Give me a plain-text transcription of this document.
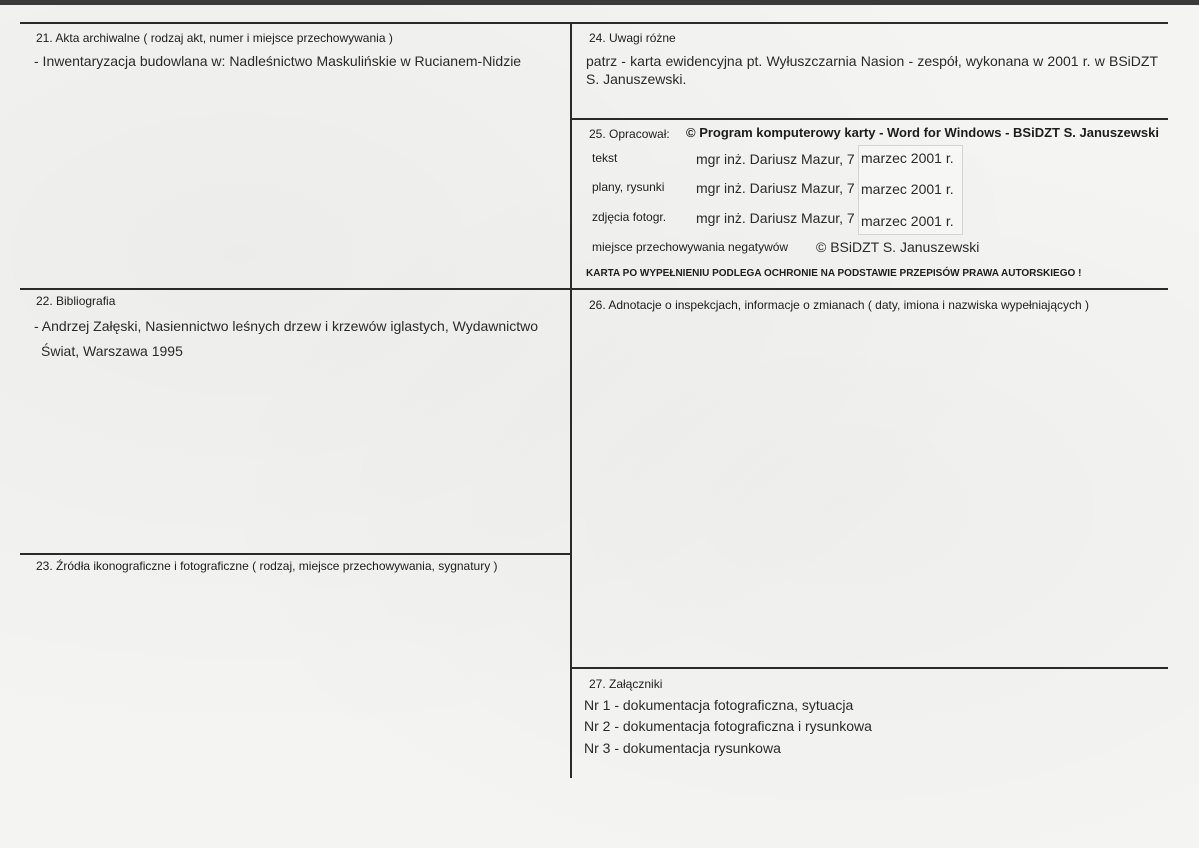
21. Akta archiwalne ( rodzaj akt, numer i miejsce przechowywania )
- Inwentaryzacja budowlana w: Nadleśnictwo Maskulińskie w Rucianem-Nidzie
22. Bibliografia
- Andrzej Załęski, Nasiennictwo leśnych drzew i krzewów iglastych, Wydawnictwo
Świat, Warszawa 1995
23. Źródła ikonograficzne i fotograficzne ( rodzaj, miejsce przechowywania, sygnatury )
24. Uwagi różne
patrz - karta ewidencyjna pt. Wyłuszczarnia Nasion - zespół, wykonana w 2001 r. w BSiDZT S. Januszewski.
25. Opracował: © Program komputerowy karty - Word for Windows - BSiDZT S. Januszewski
tekst	mgr inż. Dariusz Mazur, 7 marzec 2001 r.
plany, rysunki mgr inż. Dariusz Mazur, 7 marzec 2001 r.
zdjęcia fotogr. mgr inż. Dariusz Mazur, 7 marzec 2001 r.
miejsce przechowywania negatywów © BSiDZT S. Januszewski
KARTA PO WYPEŁNIENIU PODLEGA OCHRONIE NA PODSTAWIE PRZEPISÓW PRAWA AUTORSKIEGO !
26. Adnotacje o inspekcjach, informacje o zmianach ( daty, imiona i nazwiska wypełniających )
27. Załączniki
Nr 1 - dokumentacja fotograficzna, sytuacja
Nr 2 - dokumentacja fotograficzna i rysunkowa
Nr 3 - dokumentacja rysunkowa
